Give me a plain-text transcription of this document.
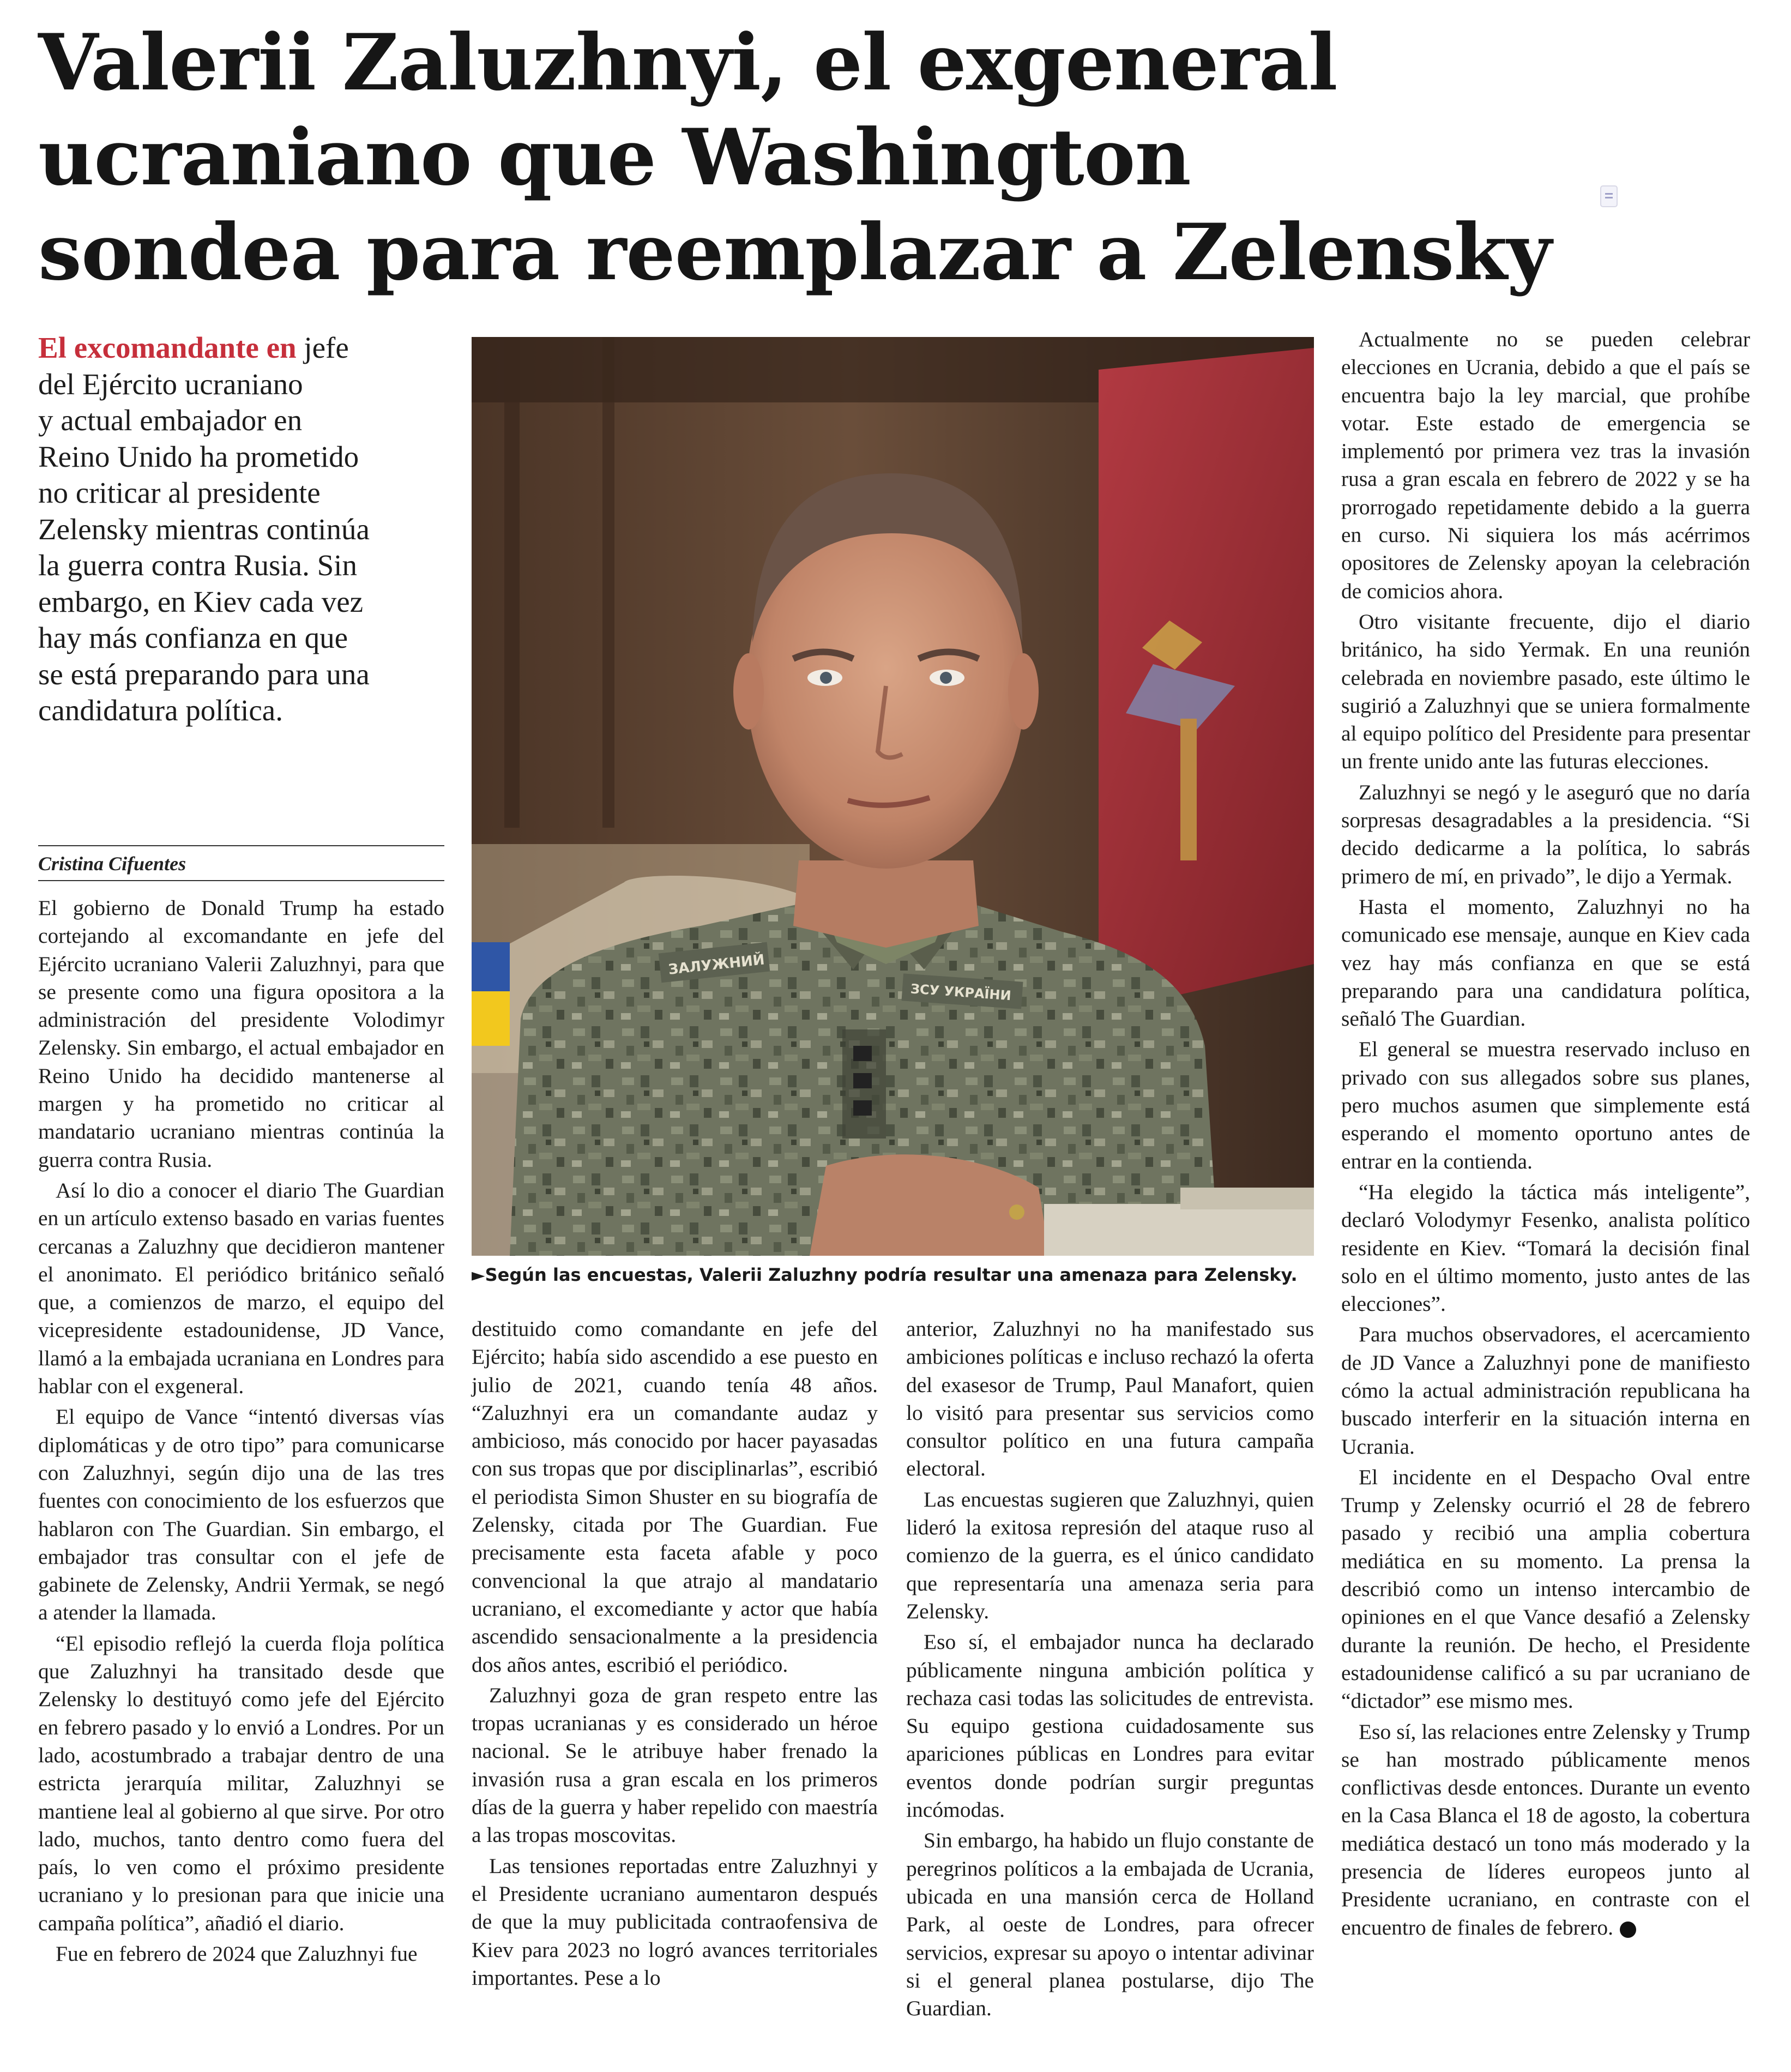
Valerii Zaluzhnyi, el exgeneral
ucraniano que Washington
sondea para reemplazar a Zelensky

El excomandante en jefe
del Ejército ucraniano
y actual embajador en
Reino Unido ha prometido
no criticar al presidente
Zelensky mientras continúa
la guerra contra Rusia. Sin
embargo, en Kiev cada vez
hay más confianza en que
se está preparando para una
candidatura política.

Cristina Cifuentes
ЗАЛУЖНИЙ
ЗСУ УКРАЇНИ
►Según las encuestas, Valerii Zaluzhny podría resultar una amenaza para Zelensky.

El gobierno de Donald Trump ha estado cortejando al excomandante en jefe del Ejército ucraniano Valerii Zaluzhnyi, para que se presente como una figura opositora a la administración del presidente Volodimyr Zelensky. Sin embargo, el actual embajador en Reino Unido ha decidido mantenerse al margen y ha prometido no criticar al mandatario ucraniano mientras continúa la guerra contra Rusia.

Así lo dio a conocer el diario The Guardian en un artículo extenso basado en varias fuentes cercanas a Zaluzhny que decidieron mantener el anonimato. El periódico británico señaló que, a comienzos de marzo, el equipo del vicepresidente estadounidense, JD Vance, llamó a la embajada ucraniana en Londres para hablar con el exgeneral.

El equipo de Vance “intentó diversas vías diplomáticas y de otro tipo” para comunicarse con Zaluzhnyi, según dijo una de las tres fuentes con conocimiento de los esfuerzos que hablaron con The Guardian. Sin embargo, el embajador tras consultar con el jefe de gabinete de Zelensky, Andrii Yermak, se negó a atender la llamada.

“El episodio reflejó la cuerda floja política que Zaluzhnyi ha transitado desde que Zelensky lo destituyó como jefe del Ejército en febrero pasado y lo envió a Londres. Por un lado, acostumbrado a trabajar dentro de una estricta jerarquía militar, Zaluzhnyi se mantiene leal al gobierno al que sirve. Por otro lado, muchos, tanto dentro como fuera del país, lo ven como el próximo presidente ucraniano y lo presionan para que inicie una campaña política”, añadió el diario.

Fue en febrero de 2024 que Zaluzhnyi fue

destituido como comandante en jefe del Ejército; había sido ascendido a ese puesto en julio de 2021, cuando tenía 48 años. “Zaluzhnyi era un comandante audaz y ambicioso, más conocido por hacer payasadas con sus tropas que por disciplinarlas”, escribió el periodista Simon Shuster en su biografía de Zelensky, citada por The Guardian. Fue precisamente esta faceta afable y poco convencional la que atrajo al mandatario ucraniano, el excomediante y actor que había ascendido sensacionalmente a la presidencia dos años antes, escribió el periódico.

Zaluzhnyi goza de gran respeto entre las tropas ucranianas y es considerado un héroe nacional. Se le atribuye haber frenado la invasión rusa a gran escala en los primeros días de la guerra y haber repelido con maestría a las tropas moscovitas.

Las tensiones reportadas entre Zaluzhnyi y el Presidente ucraniano aumentaron después de que la muy publicitada contraofensiva de Kiev para 2023 no logró avances territoriales importantes. Pese a lo

anterior, Zaluzhnyi no ha manifestado sus ambiciones políticas e incluso rechazó la oferta del exasesor de Trump, Paul Manafort, quien lo visitó para presentar sus servicios como consultor político en una futura campaña electoral.

Las encuestas sugieren que Zaluzhnyi, quien lideró la exitosa represión del ataque ruso al comienzo de la guerra, es el único candidato que representaría una amenaza seria para Zelensky.

Eso sí, el embajador nunca ha declarado públicamente ninguna ambición política y rechaza casi todas las solicitudes de entrevista. Su equipo gestiona cuidadosamente sus apariciones públicas en Londres para evitar eventos donde podrían surgir preguntas incómodas.

Sin embargo, ha habido un flujo constante de peregrinos políticos a la embajada de Ucrania, ubicada en una mansión cerca de Holland Park, al oeste de Londres, para ofrecer servicios, expresar su apoyo o intentar adivinar si el general planea postularse, dijo The Guardian.

Actualmente no se pueden celebrar elecciones en Ucrania, debido a que el país se encuentra bajo la ley marcial, que prohíbe votar. Este estado de emergencia se implementó por primera vez tras la invasión rusa a gran escala en febrero de 2022 y se ha prorrogado repetidamente debido a la guerra en curso. Ni siquiera los más acérrimos opositores de Zelensky apoyan la celebración de comicios ahora.

Otro visitante frecuente, dijo el diario británico, ha sido Yermak. En una reunión celebrada en noviembre pasado, este último le sugirió a Zaluzhnyi que se uniera formalmente al equipo político del Presidente para presentar un frente unido ante las futuras elecciones.

Zaluzhnyi se negó y le aseguró que no daría sorpresas desagradables a la presidencia. “Si decido dedicarme a la política, lo sabrás primero de mí, en privado”, le dijo a Yermak.

Hasta el momento, Zaluzhnyi no ha comunicado ese mensaje, aunque en Kiev cada vez hay más confianza en que se está preparando para una candidatura política, señaló The Guardian.

El general se muestra reservado incluso en privado con sus allegados sobre sus planes, pero muchos asumen que simplemente está esperando el momento oportuno antes de entrar en la contienda.

“Ha elegido la táctica más inteligente”, declaró Volodymyr Fesenko, analista político residente en Kiev. “Tomará la decisión final solo en el último momento, justo antes de las elecciones”.

Para muchos observadores, el acercamiento de JD Vance a Zaluzhnyi pone de manifiesto cómo la actual administración republicana ha buscado interferir en la situación interna en Ucrania.

El incidente en el Despacho Oval entre Trump y Zelensky ocurrió el 28 de febrero pasado y recibió una amplia cobertura mediática en su momento. La prensa la describió como un intenso intercambio de opiniones en el que Vance desafió a Zelensky durante la reunión. De hecho, el Presidente estadounidense calificó a su par ucraniano de “dictador” ese mismo mes.

Eso sí, las relaciones entre Zelensky y Trump se han mostrado públicamente menos conflictivas desde entonces. Durante un evento en la Casa Blanca el 18 de agosto, la cobertura mediática destacó un tono más moderado y la presencia de líderes europeos junto al Presidente ucraniano, en contraste con el encuentro de finales de febrero.
